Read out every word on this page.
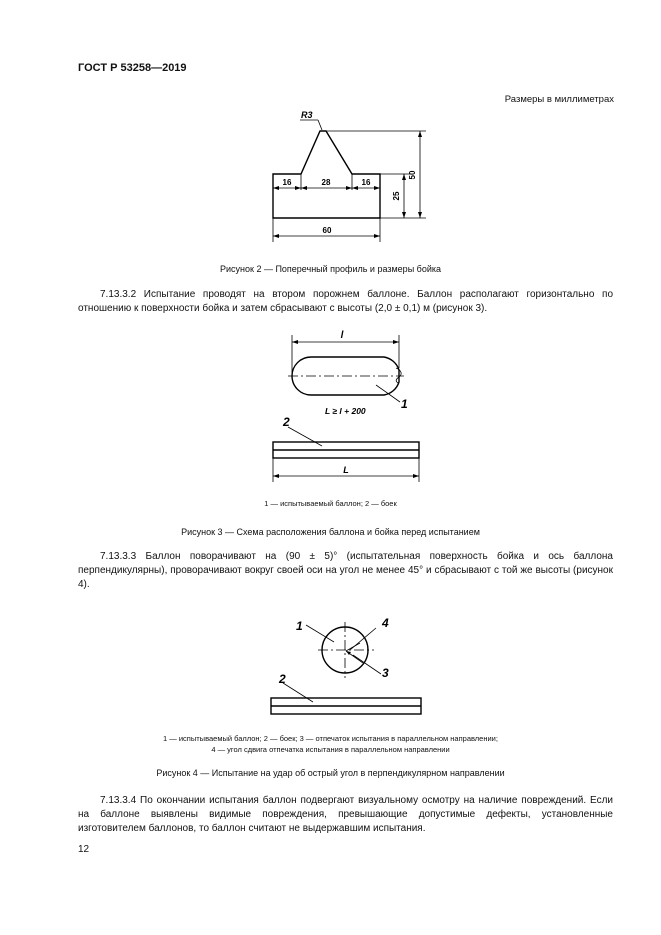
ГОСТ Р 53258—2019
Размеры в миллиметрах
R3
16	28	16
60
25
50
Рисунок 2 — Поперечный профиль и размеры бойка

7.13.3.2 Испытание проводят на втором порожнем баллоне. Баллон располагают горизонтально по отношению к поверхности бойка и затем сбрасывают с высоты (2,0 ± 0,1) м (рисунок 3).

l
1
L ≥ l + 200
2
L
1 — испытываемый баллон; 2 — боек
Рисунок 3 — Схема расположения баллона и бойка перед испытанием

7.13.3.3 Баллон поворачивают на (90 ± 5)° (испытательная поверхность бойка и ось баллона перпендикулярны), проворачивают вокруг своей оси на угол не менее 45° и сбрасывают с той же высоты (рисунок 4).

1	4
3
2
1 — испытываемый баллон; 2 — боек; 3 — отпечаток испытания в параллельном направлении;
4 — угол сдвига отпечатка испытания в параллельном направлении
Рисунок 4 — Испытание на удар об острый угол в перпендикулярном направлении

7.13.3.4 По окончании испытания баллон подвергают визуальному осмотру на наличие повреждений. Если на баллоне выявлены видимые повреждения, превышающие допустимые дефекты, установленные изготовителем баллонов, то баллон считают не выдержавшим испытания.

12
